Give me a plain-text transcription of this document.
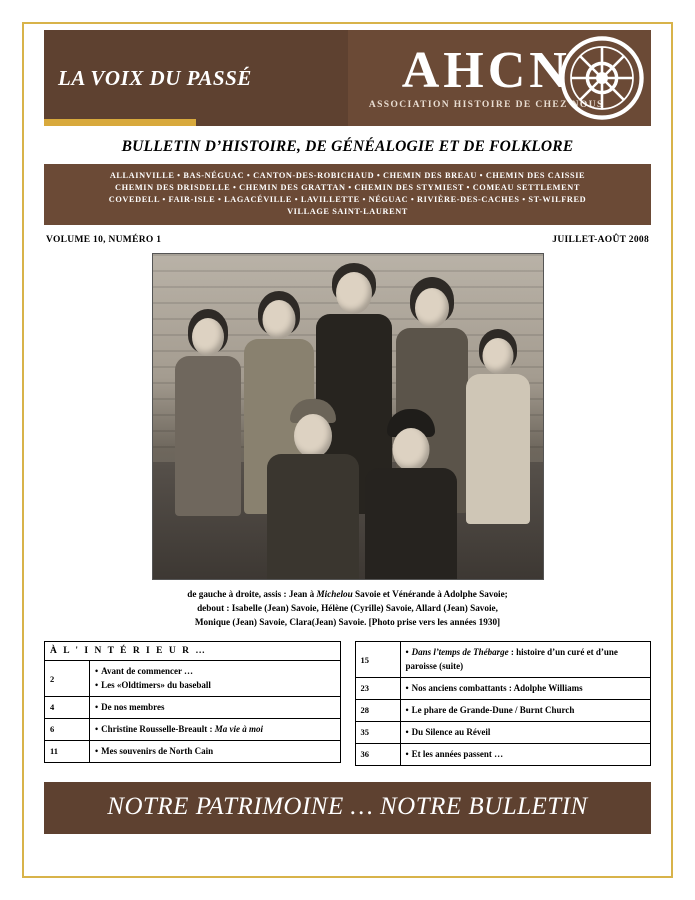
LA VOIX DU PASSÉ	AHCN
ASSOCIATION HISTOIRE DE CHEZ NOUS
BULLETIN D’HISTOIRE, DE GÉNÉALOGIE ET DE FOLKLORE
ALLAINVILLE • BAS-NÉGUAC • CANTON-DES-ROBICHAUD • CHEMIN DES BREAU • CHEMIN DES CAISSIE
CHEMIN DES DRISDELLE • CHEMIN DES GRATTAN • CHEMIN DES STYMIEST • COMEAU SETTLEMENT
COVEDELL • FAIR-ISLE • LAGACÉVILLE • LAVILLETTE • NÉGUAC • RIVIÈRE-DES-CACHES • ST-WILFRED
VILLAGE SAINT-LAURENT
VOLUME 10, NUMÉRO 1	JUILLET-AOÛT 2008
de gauche à droite, assis : Jean à Michelou Savoie et Vénérande à Adolphe Savoie;
debout : Isabelle (Jean) Savoie, Hélène (Cyrille) Savoie, Allard (Jean) Savoie,
Monique (Jean) Savoie, Clara(Jean) Savoie. [Photo prise vers les années 1930]
À L ' I N T É R I E U R …	
2	• Avant de commencer …
• Les «Oldtimers» du baseball

4	• De nos membres

6	• Christine Rousselle-Breault : Ma vie à moi

11	• Mes souvenirs de North Cain
15	• Dans l’temps de Thébarge : histoire d’un curé et d’une paroisse (suite)

23	• Nos anciens combattants : Adolphe Williams

28	• Le phare de Grande-Dune / Burnt Church

35	• Du Silence au Réveil

36	• Et les années passent …
NOTRE PATRIMOINE … NOTRE BULLETIN
